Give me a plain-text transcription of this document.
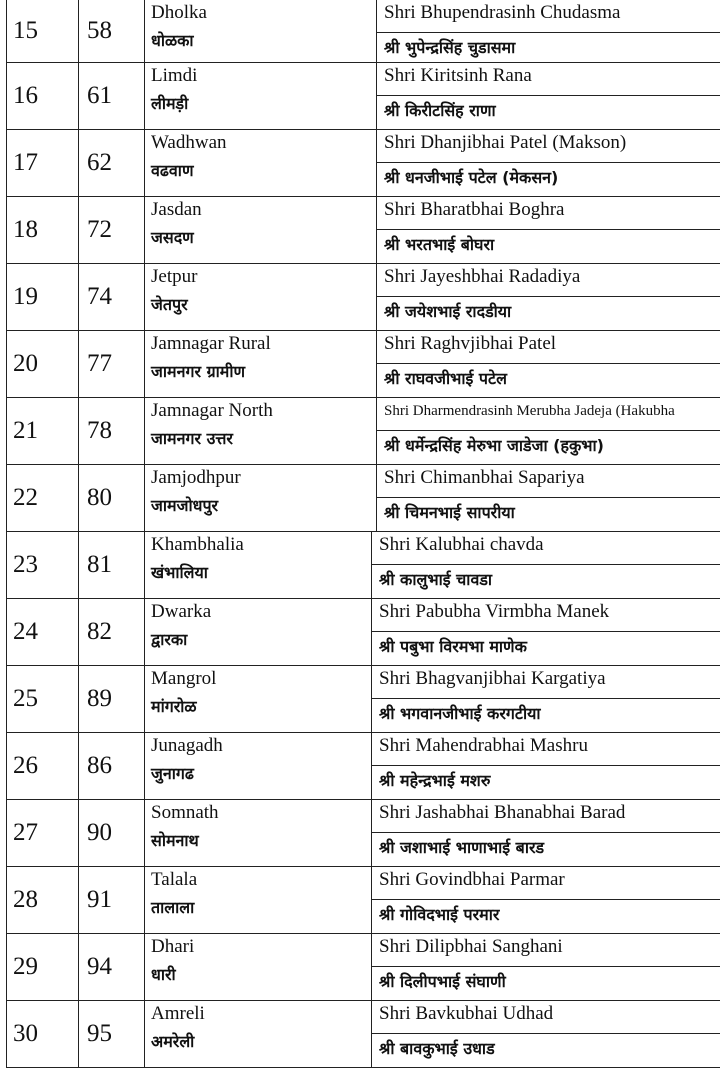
15	58
Dholka
धोळका
Shri Bhupendrasinh Chudasma
श्री भुपेन्द्रसिंह चुडासमा
16	61
Limdi
लीमड़ी
Shri Kiritsinh Rana
श्री किरीटसिंह राणा
17	62
Wadhwan
वढवाण
Shri Dhanjibhai Patel (Makson)
श्री धनजीभाई पटेल (मेकसन)
18	72
Jasdan
जसदण
Shri Bharatbhai Boghra
श्री भरतभाई बोघरा
19	74
Jetpur
जेतपुर
Shri Jayeshbhai Radadiya
श्री जयेशभाई रादडीया
20	77
Jamnagar Rural
जामनगर ग्रामीण
Shri Raghvjibhai Patel
श्री राघवजीभाई पटेल
21	78
Jamnagar North
जामनगर उत्तर
Shri Dharmendrasinh Merubha Jadeja (Hakubha
श्री धर्मेन्द्रसिंह मेरुभा जाडेजा (हकुभा)
22	80
Jamjodhpur
जामजोधपुर
Shri Chimanbhai Sapariya
श्री चिमनभाई सापरीया
23	81
Khambhalia
खंभालिया
Shri Kalubhai chavda
श्री कालुभाई चावडा
24	82
Dwarka
द्वारका
Shri Pabubha Virmbha Manek
श्री पबुभा विरमभा माणेक
25	89
Mangrol
मांगरोळ
Shri Bhagvanjibhai Kargatiya
श्री भगवानजीभाई करगटीया
26	86
Junagadh
जुनागढ
Shri Mahendrabhai Mashru
श्री महेन्द्रभाई मशरु
27	90
Somnath
सोमनाथ
Shri Jashabhai Bhanabhai Barad
श्री जशाभाई भाणाभाई बारड
28	91
Talala
तालाला
Shri Govindbhai Parmar
श्री गोविदभाई परमार
29	94
Dhari
धारी
Shri Dilipbhai Sanghani
श्री दिलीपभाई संघाणी
30	95
Amreli
अमरेली
Shri Bavkubhai Udhad
श्री बावकुभाई उधाड
